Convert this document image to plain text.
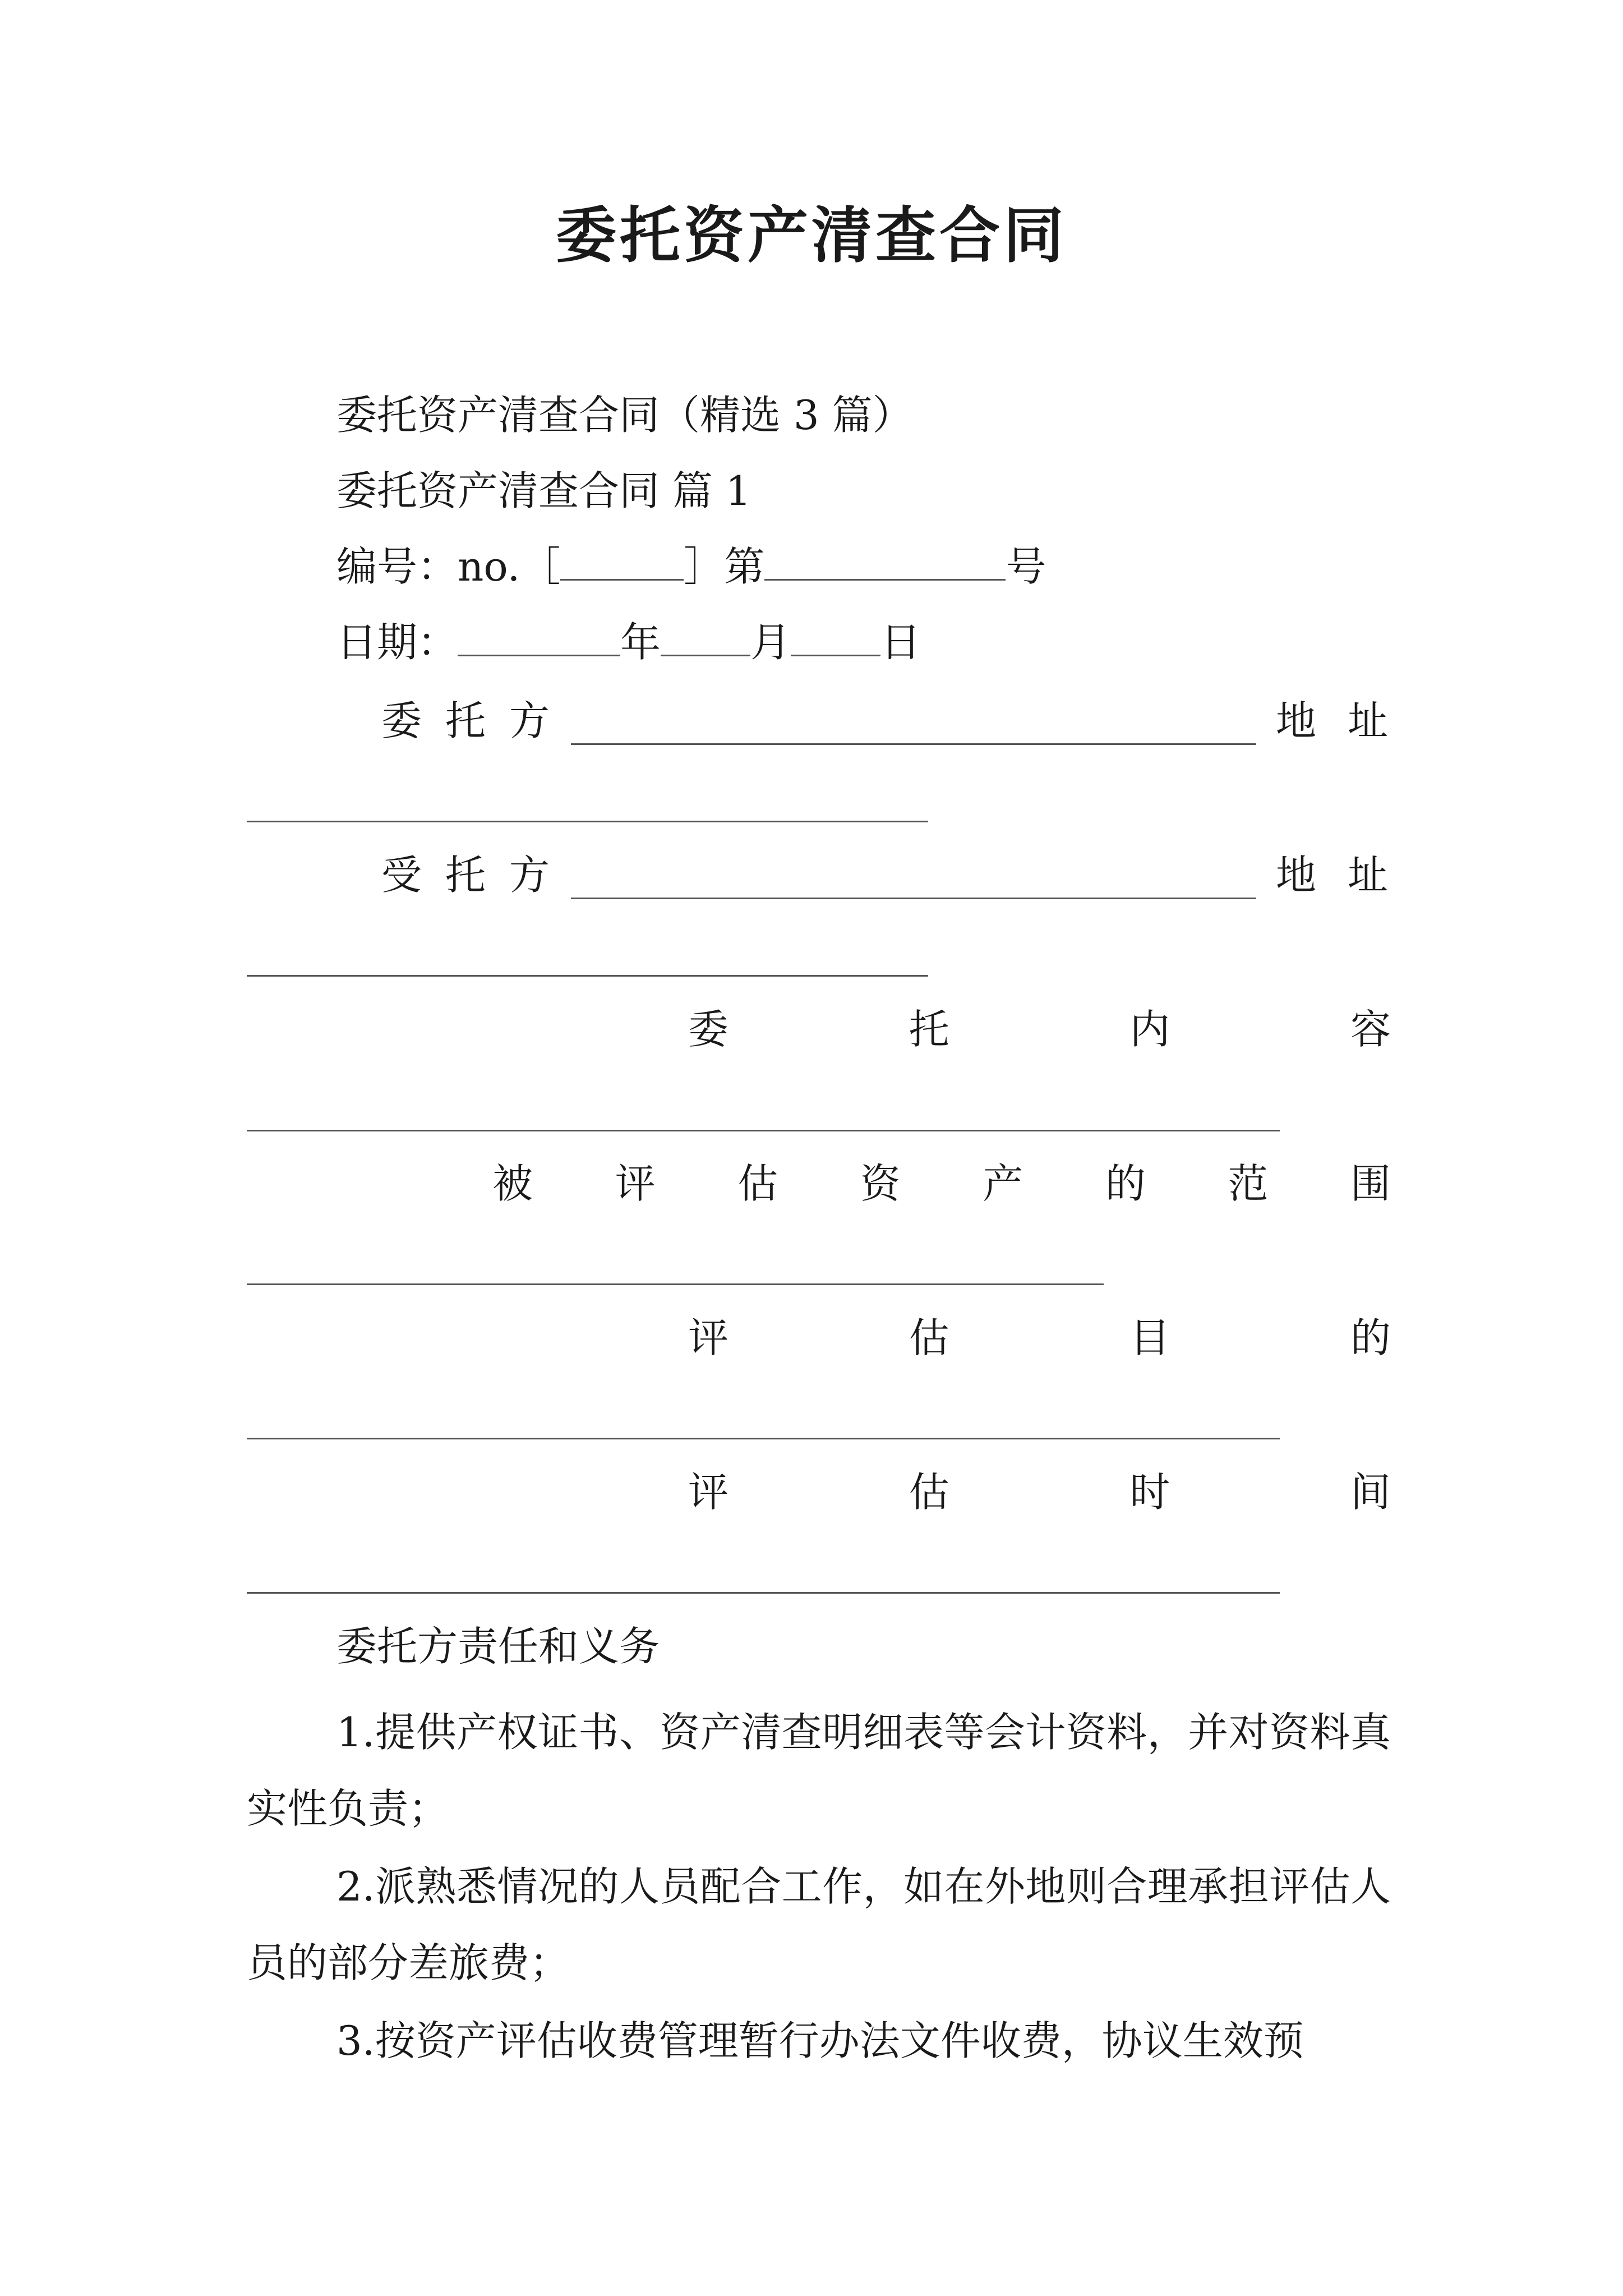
委托资产清查合同
委托资产清查合同（精选 3 篇）
委托资产清查合同 篇 1
编号：no.［	］第	号
日期：	年 月 日
委 托 方	地 址
受 托 方	地 址
委	托	内	容
被 评 估 资 产 的 范 围
评	估	目	的
评	估	时	间
委托方责任和义务
1.提供产权证书、资产清查明细表等会计资料，并对资料真实性负责；
2.派熟悉情况的人员配合工作，如在外地则合理承担评估人员的部分差旅费；
3.按资产评估收费管理暂行办法文件收费，协议生效预
